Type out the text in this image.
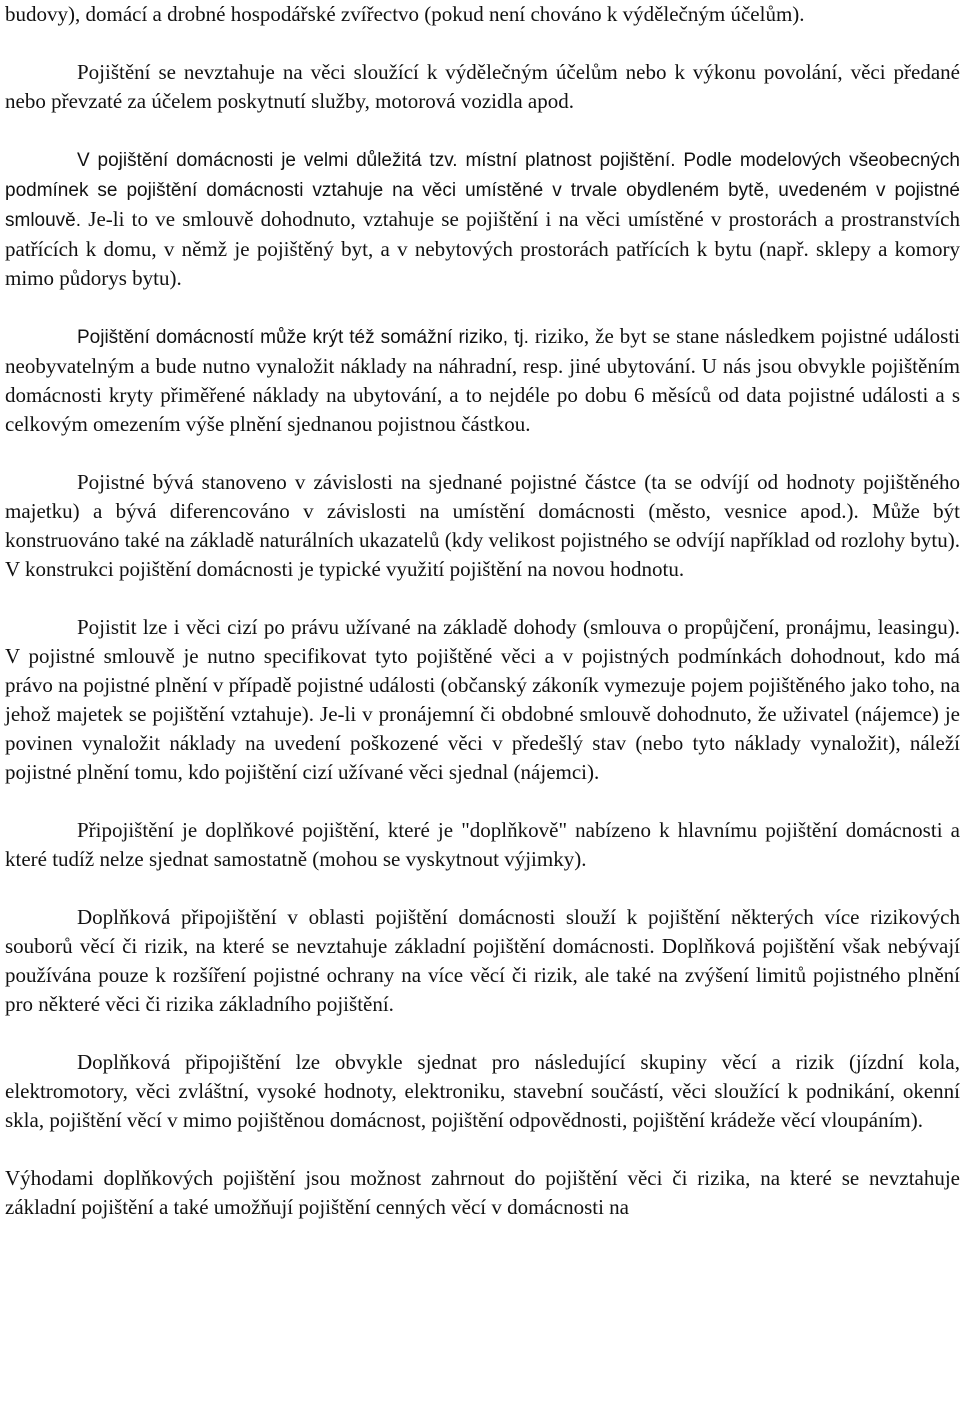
budovy), domácí a drobné hospodářské zvířectvo (pokud není chováno k výdělečným účelům).

Pojištění se nevztahuje na věci sloužící k výdělečným účelům nebo k výkonu povolání, věci předané nebo převzaté za účelem poskytnutí služby, motorová vozidla apod.

V pojištění domácnosti je velmi důležitá tzv. místní platnost pojištění. Podle modelových všeobecných podmínek se pojištění domácnosti vztahuje na věci umístěné v trvale obydleném bytě, uvedeném v pojistné smlouvě. Je-li to ve smlouvě dohodnuto, vztahuje se pojištění i na věci umístěné v prostorách a prostranstvích patřících k domu, v němž je pojištěný byt, a v nebytových prostorách patřících k bytu (např. sklepy a komory mimo půdorys bytu).

Pojištění domácností může krýt též somážní riziko, tj. riziko, že byt se stane následkem pojistné události neobyvatelným a bude nutno vynaložit náklady na náhradní, resp. jiné ubytování. U nás jsou obvykle pojištěním domácnosti kryty přiměřené náklady na ubytování, a to nejdéle po dobu 6 měsíců od data pojistné události a s celkovým omezením výše plnění sjednanou pojistnou částkou.

Pojistné bývá stanoveno v závislosti na sjednané pojistné částce (ta se odvíjí od hodnoty pojištěného majetku) a bývá diferencováno v závislosti na umístění domácnosti (město, vesnice apod.). Může být konstruováno také na základě naturálních ukazatelů (kdy velikost pojistného se odvíjí například od rozlohy bytu). V konstrukci pojištění domácnosti je typické využití pojištění na novou hodnotu.

Pojistit lze i věci cizí po právu užívané na základě dohody (smlouva o propůjčení, pronájmu, leasingu). V pojistné smlouvě je nutno specifikovat tyto pojištěné věci a v pojistných podmínkách dohodnout, kdo má právo na pojistné plnění v případě pojistné události (občanský zákoník vymezuje pojem pojištěného jako toho, na jehož majetek se pojištění vztahuje). Je-li v pronájemní či obdobné smlouvě dohodnuto, že uživatel (nájemce) je povinen vynaložit náklady na uvedení poškozené věci v předešlý stav (nebo tyto náklady vynaložit), náleží pojistné plnění tomu, kdo pojištění cizí užívané věci sjednal (nájemci).

Připojištění je doplňkové pojištění, které je "doplňkově" nabízeno k hlavnímu pojištění domácnosti a které tudíž nelze sjednat samostatně (mohou se vyskytnout výjimky).

Doplňková připojištění v oblasti pojištění domácnosti slouží k pojištění některých více rizikových souborů věcí či rizik, na které se nevztahuje základní pojištění domácnosti. Doplňková pojištění však nebývají používána pouze k rozšíření pojistné ochrany na více věcí či rizik, ale také na zvýšení limitů pojistného plnění pro některé věci či rizika základního pojištění.

Doplňková připojištění lze obvykle sjednat pro následující skupiny věcí a rizik (jízdní kola, elektromotory, věci zvláštní, vysoké hodnoty, elektroniku, stavební součástí, věci sloužící k podnikání, okenní skla, pojištění věcí v mimo pojištěnou domácnost, pojištění odpovědnosti, pojištění krádeže věcí vloupáním).

Výhodami doplňkových pojištění jsou možnost zahrnout do pojištění věci či rizika, na které se nevztahuje základní pojištění a také umožňují pojištění cenných věcí v domácnosti na
